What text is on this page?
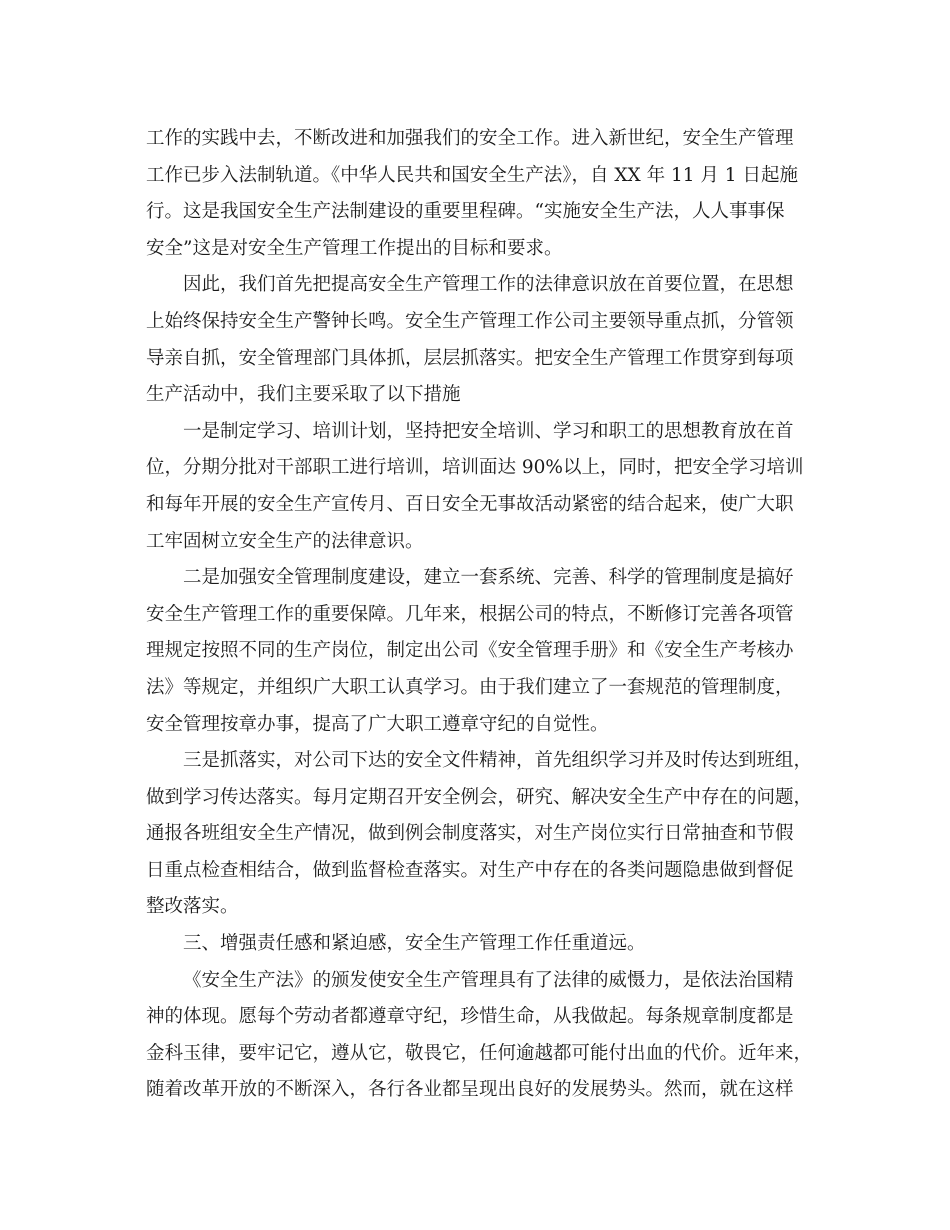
工作的实践中去，不断改进和加强我们的安全工作。进入新世纪，安全生产管理
工作已步入法制轨道。《中华人民共和国安全生产法》，自 XX 年 11 月 1 日起施
行。这是我国安全生产法制建设的重要里程碑。“实施安全生产法，人人事事保
安全”这是对安全生产管理工作提出的目标和要求。
因此，我们首先把提高安全生产管理工作的法律意识放在首要位置，在思想
上始终保持安全生产警钟长鸣。安全生产管理工作公司主要领导重点抓，分管领
导亲自抓，安全管理部门具体抓，层层抓落实。把安全生产管理工作贯穿到每项
生产活动中，我们主要采取了以下措施
一是制定学习、培训计划，坚持把安全培训、学习和职工的思想教育放在首
位，分期分批对干部职工进行培训，培训面达 90%以上，同时，把安全学习培训
和每年开展的安全生产宣传月、百日安全无事故活动紧密的结合起来，使广大职
工牢固树立安全生产的法律意识。
二是加强安全管理制度建设，建立一套系统、完善、科学的管理制度是搞好
安全生产管理工作的重要保障。几年来，根据公司的特点，不断修订完善各项管
理规定按照不同的生产岗位，制定出公司《安全管理手册》和《安全生产考核办
法》等规定，并组织广大职工认真学习。由于我们建立了一套规范的管理制度，
安全管理按章办事，提高了广大职工遵章守纪的自觉性。
三是抓落实，对公司下达的安全文件精神，首先组织学习并及时传达到班组，
做到学习传达落实。每月定期召开安全例会，研究、解决安全生产中存在的问题，
通报各班组安全生产情况，做到例会制度落实，对生产岗位实行日常抽查和节假
日重点检查相结合，做到监督检查落实。对生产中存在的各类问题隐患做到督促
整改落实。
三、增强责任感和紧迫感，安全生产管理工作任重道远。
《安全生产法》的颁发使安全生产管理具有了法律的威慑力，是依法治国精
神的体现。愿每个劳动者都遵章守纪，珍惜生命，从我做起。每条规章制度都是
金科玉律，要牢记它，遵从它，敬畏它，任何逾越都可能付出血的代价。近年来，
随着改革开放的不断深入，各行各业都呈现出良好的发展势头。然而，就在这样
